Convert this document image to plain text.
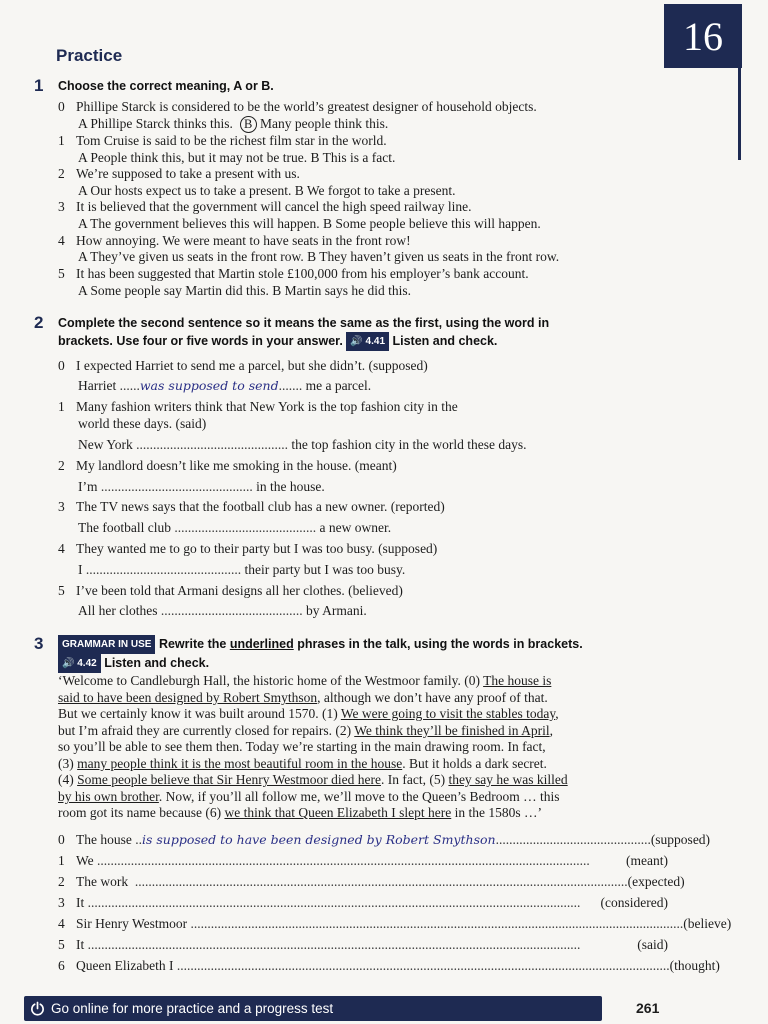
16
Practice
1 Choose the correct meaning, A or B.
0 Phillipe Starck is considered to be the world’s greatest designer of household objects.
A Phillipe Starck thinks this. B Many people think this.
1 Tom Cruise is said to be the richest film star in the world.
A People think this, but it may not be true. B This is a fact.
2 We’re supposed to take a present with us.
A Our hosts expect us to take a present. B We forgot to take a present.
3 It is believed that the government will cancel the high speed railway line.
A The government believes this will happen. B Some people believe this will happen.
4 How annoying. We were meant to have seats in the front row!
A They’ve given us seats in the front row. B They haven’t given us seats in the front row.
5 It has been suggested that Martin stole £100,000 from his employer’s bank account.
A Some people say Martin did this. B Martin says he did this.
2 Complete the second sentence so it means the same as the first, using the word in
brackets. Use four or five words in your answer. 🔊 4.41 Listen and check.
0 I expected Harriet to send me a parcel, but she didn’t. (supposed)
Harriet ......was supposed to send....... me a parcel.
1 Many fashion writers think that New York is the top fashion city in the
world these days. (said)
New York ............................................. the top fashion city in the world these days.
2 My landlord doesn’t like me smoking in the house. (meant)
I’m ............................................. in the house.
3 The TV news says that the football club has a new owner. (reported)
The football club .......................................... a new owner.
4 They wanted me to go to their party but I was too busy. (supposed)
I .............................................. their party but I was too busy.
5 I’ve been told that Armani designs all her clothes. (believed)
All her clothes .......................................... by Armani.
3	GRAMMAR IN USE Rewrite the underlined phrases in the talk, using the words in brackets.
🔊 4.42 Listen and check.
‘Welcome to Candleburgh Hall, the historic home of the Westmoor family. (0) The house is
said to have been designed by Robert Smythson, although we don’t have any proof of that.
But we certainly know it was built around 1570. (1) We were going to visit the stables today,
but I’m afraid they are currently closed for repairs. (2) We think they’ll be finished in April,
so you’ll be able to see them then. Today we’re starting in the main drawing room. In fact,
(3) many people think it is the most beautiful room in the house. But it holds a dark secret.
(4) Some people believe that Sir Henry Westmoor died here. In fact, (5) they say he was killed
by his own brother. Now, if you’ll all follow me, we’ll move to the Queen’s Bedroom … this
room got its name because (6) we think that Queen Elizabeth I slept here in the 1580s …’
0 The house ..is supposed to have been designed by Robert Smythson .............................................. (supposed)
1 We ..................................................................................................................................................	(meant)
2 The work .................................................................................................................................................. (expected)
3 It ..................................................................................................................................................	(considered)
4 Sir Henry Westmoor .................................................................................................................................................. (believe)
5 It ..................................................................................................................................................	(said)
6 Queen Elizabeth I .................................................................................................................................................. (thought)
Go online for more practice and a progress test	261
